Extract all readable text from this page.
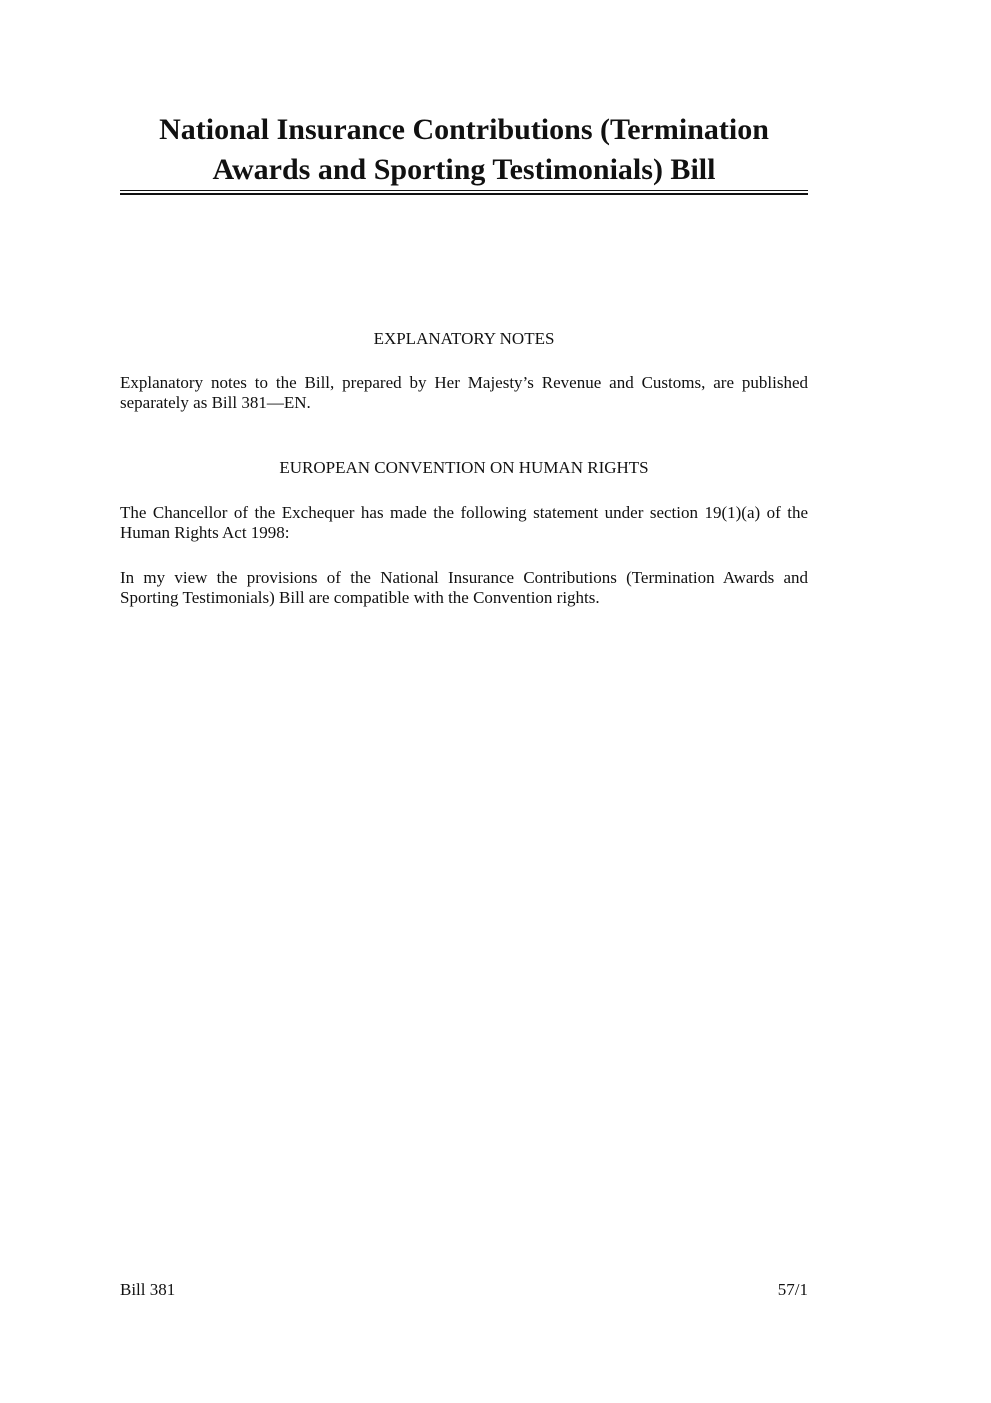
National Insurance Contributions (Termination
Awards and Sporting Testimonials) Bill
EXPLANATORY NOTES
Explanatory notes to the Bill, prepared by Her Majesty’s Revenue and Customs, are published separately as Bill 381—EN.
EUROPEAN CONVENTION ON HUMAN RIGHTS
The Chancellor of the Exchequer has made the following statement under section 19(1)(a) of the Human Rights Act 1998:
In my view the provisions of the National Insurance Contributions (Termination Awards and Sporting Testimonials) Bill are compatible with the Convention rights.
Bill 381	57/1
